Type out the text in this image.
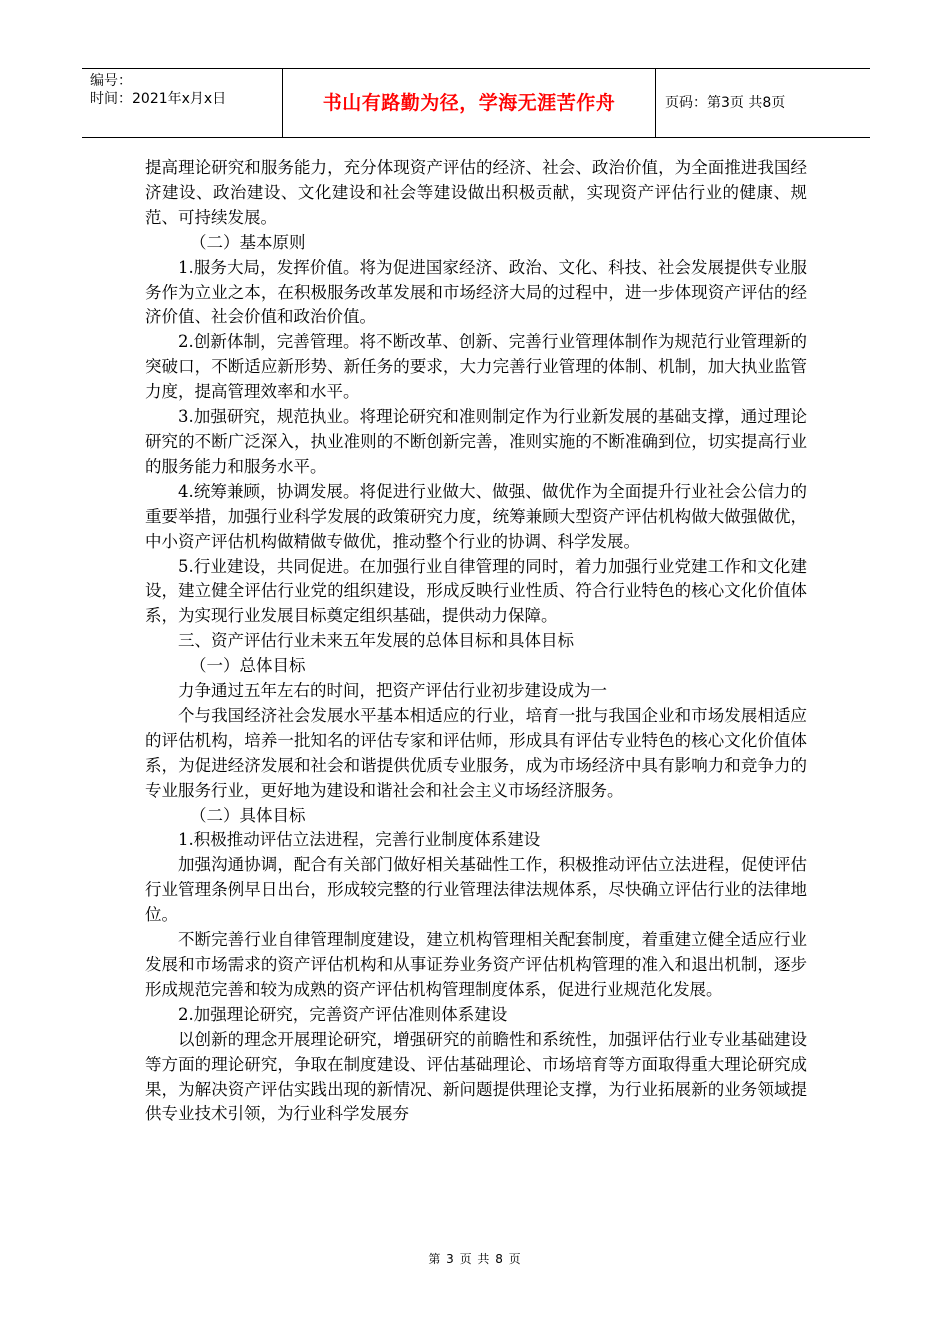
编号：
时间：2021年x月x日	书山有路勤为径，学海无涯苦作舟	页码：第3页 共8页

提高理论研究和服务能力，充分体现资产评估的经济、社会、政治价值，为全面推进我国经济建设、政治建设、文化建设和社会等建设做出积极贡献，实现资产评估行业的健康、规范、可持续发展。

（二）基本原则

1.服务大局，发挥价值。将为促进国家经济、政治、文化、科技、社会发展提供专业服务作为立业之本，在积极服务改革发展和市场经济大局的过程中，进一步体现资产评估的经济价值、社会价值和政治价值。

2.创新体制，完善管理。将不断改革、创新、完善行业管理体制作为规范行业管理新的突破口，不断适应新形势、新任务的要求，大力完善行业管理的体制、机制，加大执业监管力度，提高管理效率和水平。

3.加强研究，规范执业。将理论研究和准则制定作为行业新发展的基础支撑，通过理论研究的不断广泛深入，执业准则的不断创新完善，准则实施的不断准确到位，切实提高行业的服务能力和服务水平。

4.统筹兼顾，协调发展。将促进行业做大、做强、做优作为全面提升行业社会公信力的重要举措，加强行业科学发展的政策研究力度，统筹兼顾大型资产评估机构做大做强做优，中小资产评估机构做精做专做优，推动整个行业的协调、科学发展。

5.行业建设，共同促进。在加强行业自律管理的同时，着力加强行业党建工作和文化建设，建立健全评估行业党的组织建设，形成反映行业性质、符合行业特色的核心文化价值体系，为实现行业发展目标奠定组织基础，提供动力保障。

三、资产评估行业未来五年发展的总体目标和具体目标

（一）总体目标

力争通过五年左右的时间，把资产评估行业初步建设成为一

个与我国经济社会发展水平基本相适应的行业，培育一批与我国企业和市场发展相适应的评估机构，培养一批知名的评估专家和评估师，形成具有评估专业特色的核心文化价值体系，为促进经济发展和社会和谐提供优质专业服务，成为市场经济中具有影响力和竞争力的专业服务行业，更好地为建设和谐社会和社会主义市场经济服务。

（二）具体目标

1.积极推动评估立法进程，完善行业制度体系建设

加强沟通协调，配合有关部门做好相关基础性工作，积极推动评估立法进程，促使评估行业管理条例早日出台，形成较完整的行业管理法律法规体系，尽快确立评估行业的法律地位。

不断完善行业自律管理制度建设，建立机构管理相关配套制度，着重建立健全适应行业发展和市场需求的资产评估机构和从事证券业务资产评估机构管理的准入和退出机制，逐步形成规范完善和较为成熟的资产评估机构管理制度体系，促进行业规范化发展。

2.加强理论研究，完善资产评估准则体系建设

以创新的理念开展理论研究，增强研究的前瞻性和系统性，加强评估行业专业基础建设等方面的理论研究，争取在制度建设、评估基础理论、市场培育等方面取得重大理论研究成果，为解决资产评估实践出现的新情况、新问题提供理论支撑，为行业拓展新的业务领域提供专业技术引领，为行业科学发展夯

第 3 页 共 8 页
